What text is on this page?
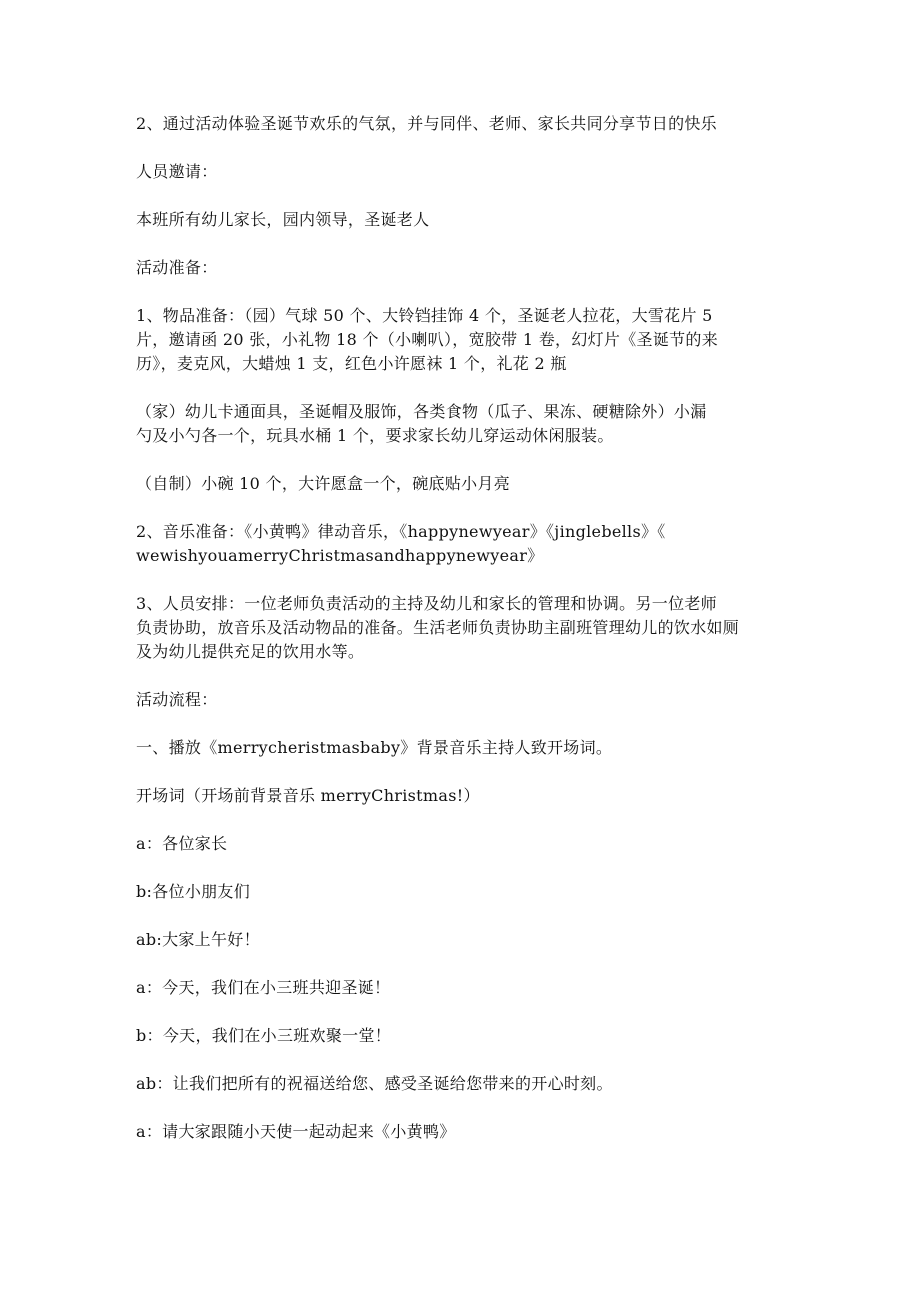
2、通过活动体验圣诞节欢乐的气氛，并与同伴、老师、家长共同分享节日的快乐

人员邀请：

本班所有幼儿家长，园内领导，圣诞老人

活动准备：

1、物品准备：（园）气球 50 个、大铃铛挂饰 4 个，圣诞老人拉花，大雪花片 5
片，邀请函 20 张，小礼物 18 个（小喇叭），宽胶带 1 卷，幻灯片《圣诞节的来
历》，麦克风，大蜡烛 1 支，红色小许愿袜 1 个，礼花 2 瓶

（家）幼儿卡通面具，圣诞帽及服饰，各类食物（瓜子、果冻、硬糖除外）小漏
勺及小勺各一个，玩具水桶 1 个，要求家长幼儿穿运动休闲服装。

（自制）小碗 10 个，大许愿盒一个，碗底贴小月亮

2、音乐准备：《小黄鸭》律动音乐，《happynewyear》《jinglebells》《
wewishyouamerryChristmasandhappynewyear》

3、人员安排：一位老师负责活动的主持及幼儿和家长的管理和协调。另一位老师
负责协助，放音乐及活动物品的准备。生活老师负责协助主副班管理幼儿的饮水如厕
及为幼儿提供充足的饮用水等。

活动流程：

一、播放《merrycheristmasbaby》背景音乐主持人致开场词。

开场词（开场前背景音乐 merryChristmas!）

a：各位家长

b:各位小朋友们

ab:大家上午好！

a：今天，我们在小三班共迎圣诞！

b：今天，我们在小三班欢聚一堂！

ab：让我们把所有的祝福送给您、感受圣诞给您带来的开心时刻。

a：请大家跟随小天使一起动起来《小黄鸭》
